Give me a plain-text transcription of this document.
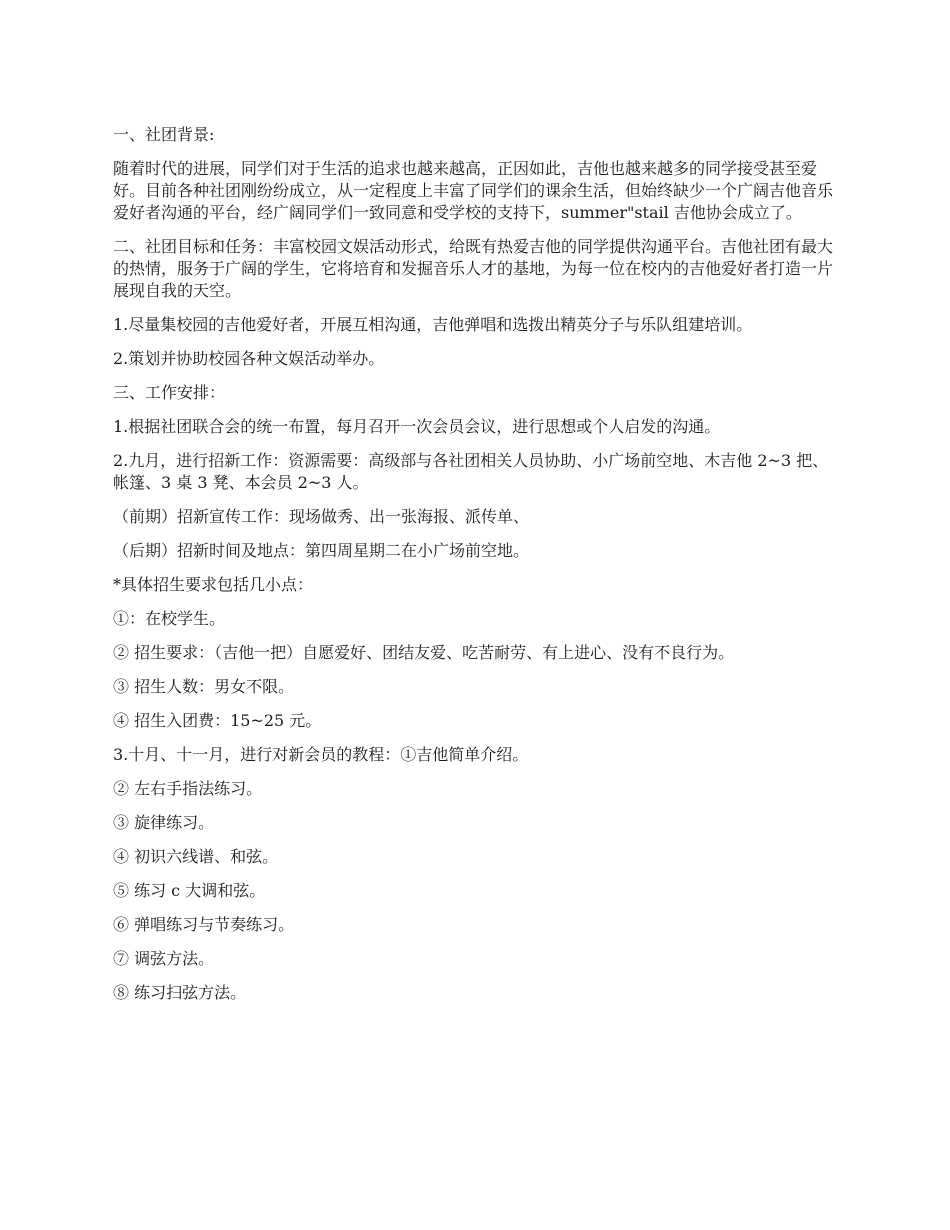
一、社团背景:

随着时代的进展，同学们对于生活的追求也越来越高，正因如此，吉他也越来越多的同学接受甚至爱好。目前各种社团刚纷纷成立，从一定程度上丰富了同学们的课余生活，但始终缺少一个广阔吉他音乐爱好者沟通的平台，经广阔同学们一致同意和受学校的支持下，summer"stail 吉他协会成立了。

二、社团目标和任务：丰富校园文娱活动形式，给既有热爱吉他的同学提供沟通平台。吉他社团有最大的热情，服务于广阔的学生，它将培育和发掘音乐人才的基地，为每一位在校内的吉他爱好者打造一片展现自我的天空。

1.尽量集校园的吉他爱好者，开展互相沟通，吉他弹唱和选拨出精英分子与乐队组建培训。

2.策划并协助校园各种文娱活动举办。

三、工作安排：

1.根据社团联合会的统一布置，每月召开一次会员会议，进行思想或个人启发的沟通。

2.九月，进行招新工作：资源需要：高级部与各社团相关人员协助、小广场前空地、木吉他 2~3 把、帐篷、3 桌 3 凳、本会员 2~3 人。

（前期）招新宣传工作：现场做秀、出一张海报、派传单、

（后期）招新时间及地点：第四周星期二在小广场前空地。

*具体招生要求包括几小点：

①：在校学生。

② 招生要求：（吉他一把）自愿爱好、团结友爱、吃苦耐劳、有上进心、没有不良行为。

③ 招生人数：男女不限。

④ 招生入团费：15~25 元。

3.十月、十一月，进行对新会员的教程：①吉他简单介绍。

② 左右手指法练习。

③ 旋律练习。

④ 初识六线谱、和弦。

⑤ 练习 c 大调和弦。

⑥ 弹唱练习与节奏练习。

⑦ 调弦方法。

⑧ 练习扫弦方法。
